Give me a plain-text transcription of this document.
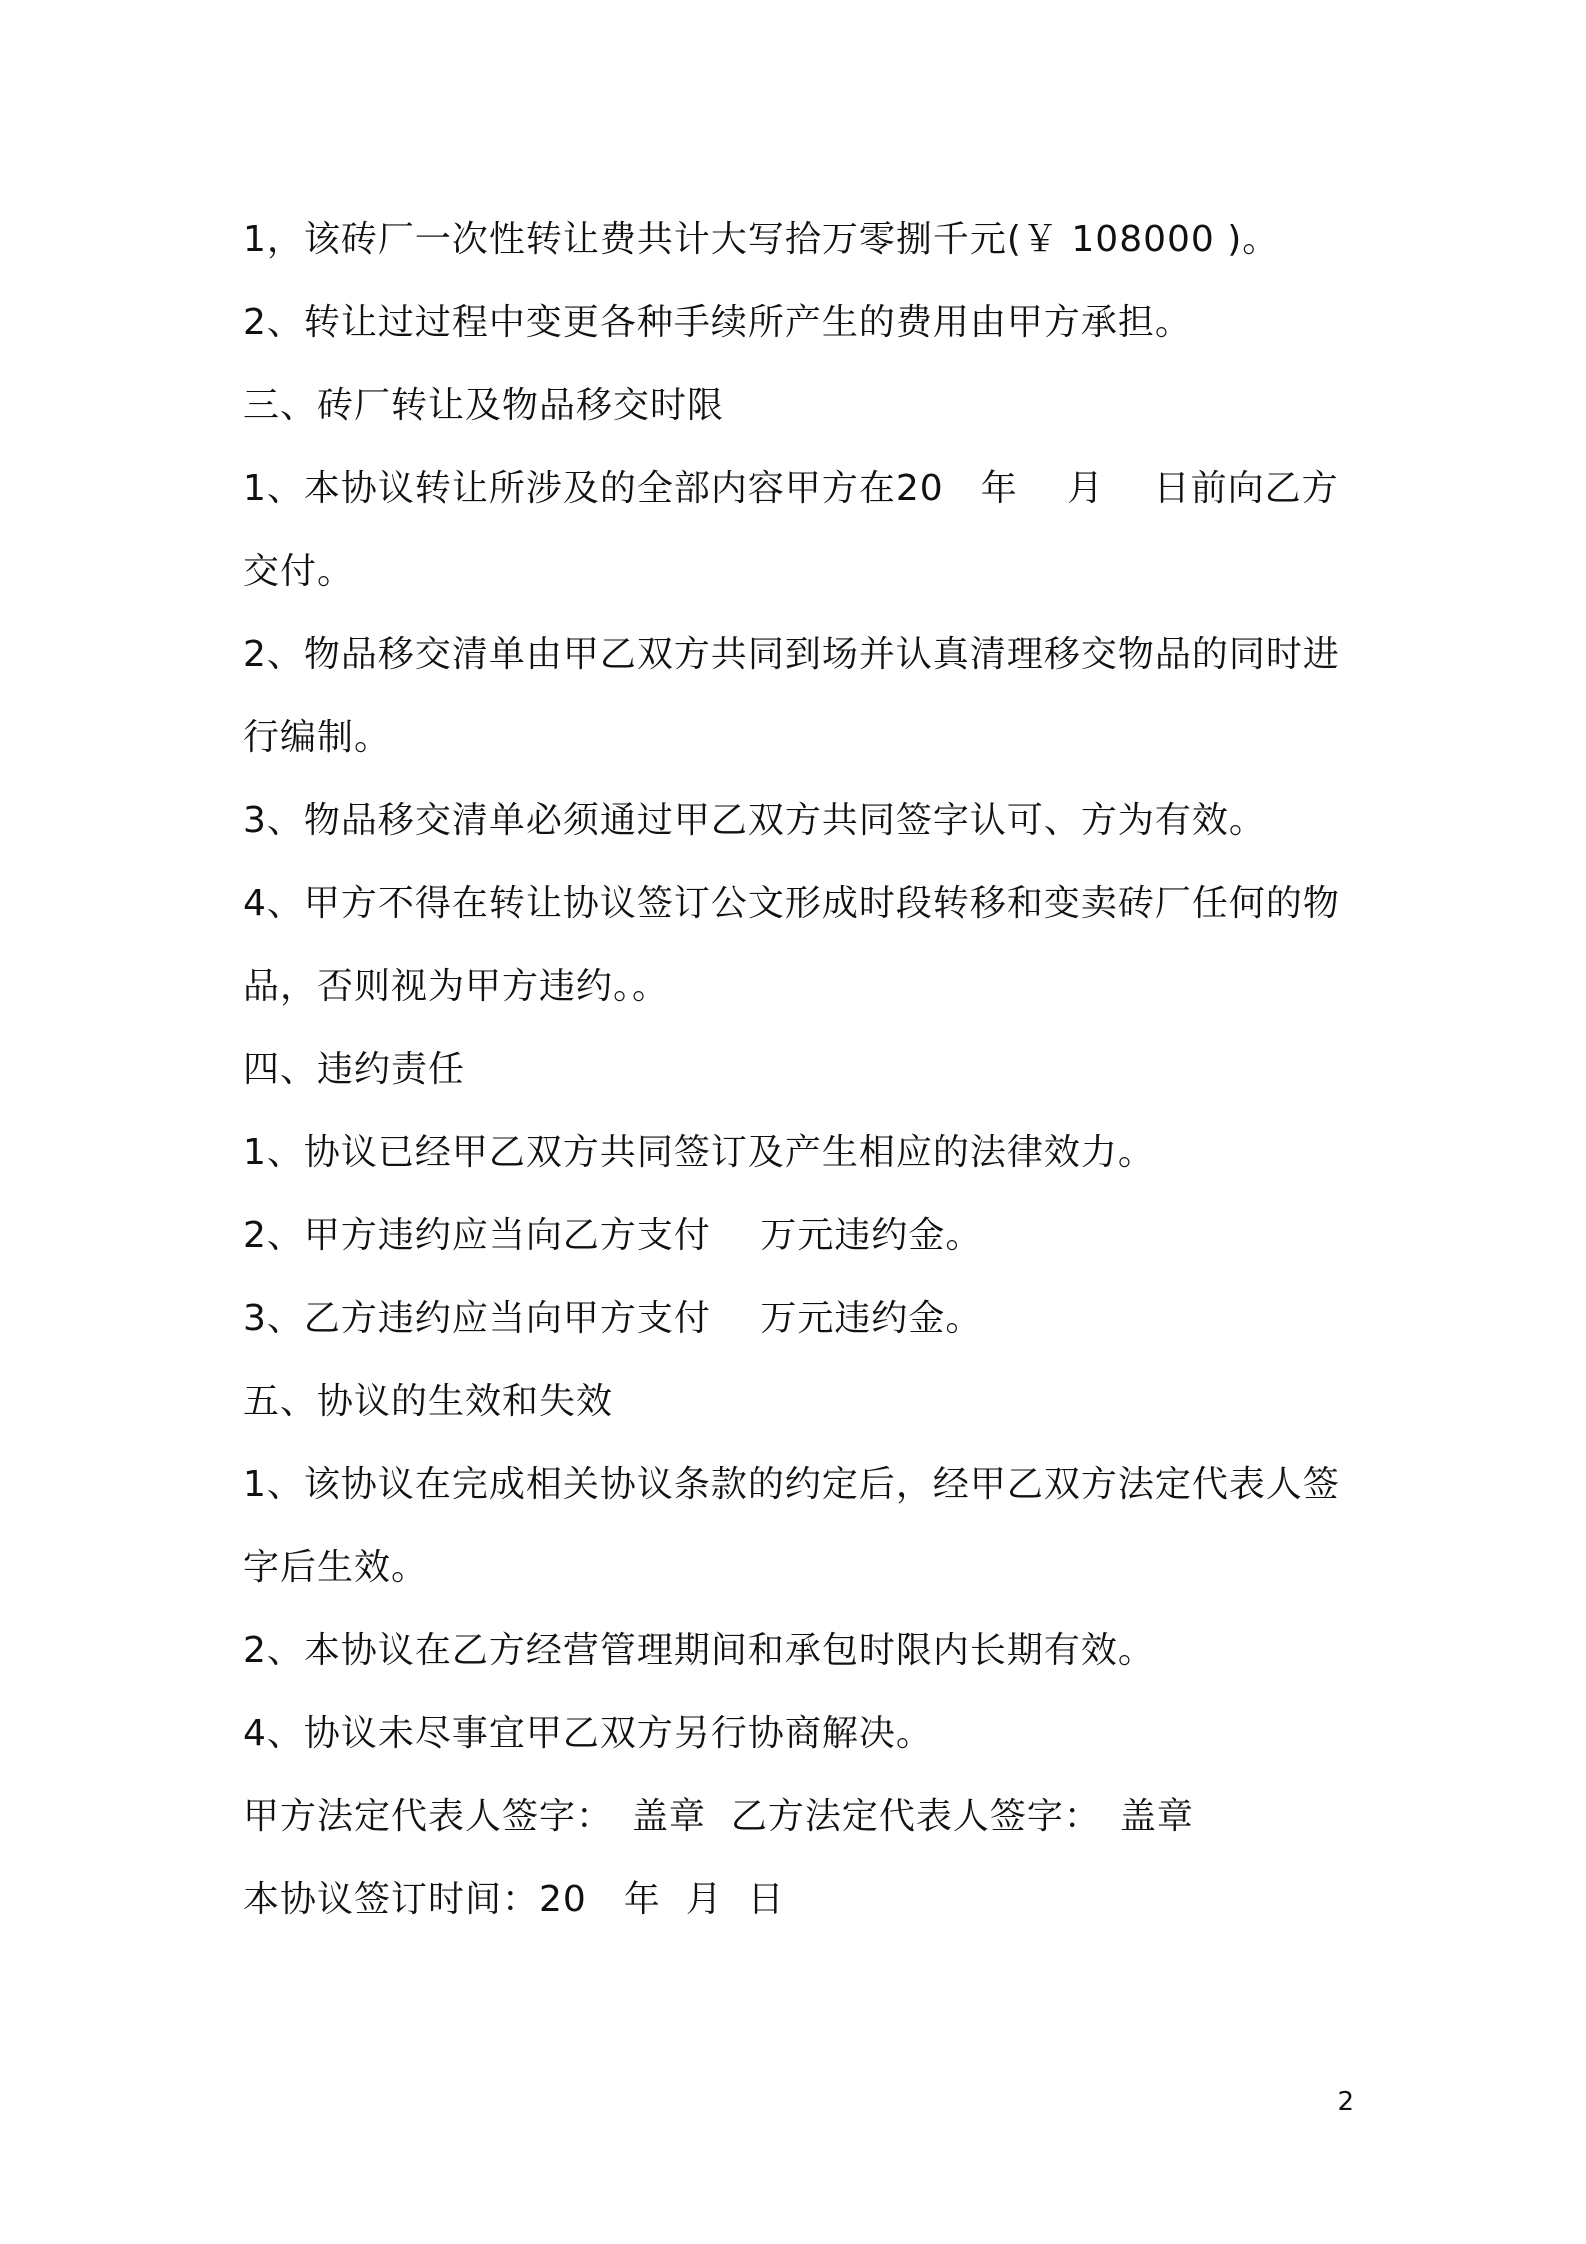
1，该砖厂一次性转让费共计大写拾万零捌千元(￥ 108000 )。

2、转让过过程中变更各种手续所产生的费用由甲方承担。

三、砖厂转让及物品移交时限

1、本协议转让所涉及的全部内容甲方在20　年　 月　 日前向乙方交付。

2、物品移交清单由甲乙双方共同到场并认真清理移交物品的同时进行编制。

3、物品移交清单必须通过甲乙双方共同签字认可、方为有效。

4、甲方不得在转让协议签订公文形成时段转移和变卖砖厂任何的物品，否则视为甲方违约。。

四、违约责任

1、协议已经甲乙双方共同签订及产生相应的法律效力。

2、甲方违约应当向乙方支付　 万元违约金。

3、乙方违约应当向甲方支付　 万元违约金。

五、协议的生效和失效

1、该协议在完成相关协议条款的约定后，经甲乙双方法定代表人签字后生效。

2、本协议在乙方经营管理期间和承包时限内长期有效。

4、协议未尽事宜甲乙双方另行协商解决。

甲方法定代表人签字：　盖章  乙方法定代表人签字：　盖章

本协议签订时间：20　年  月  日

2
